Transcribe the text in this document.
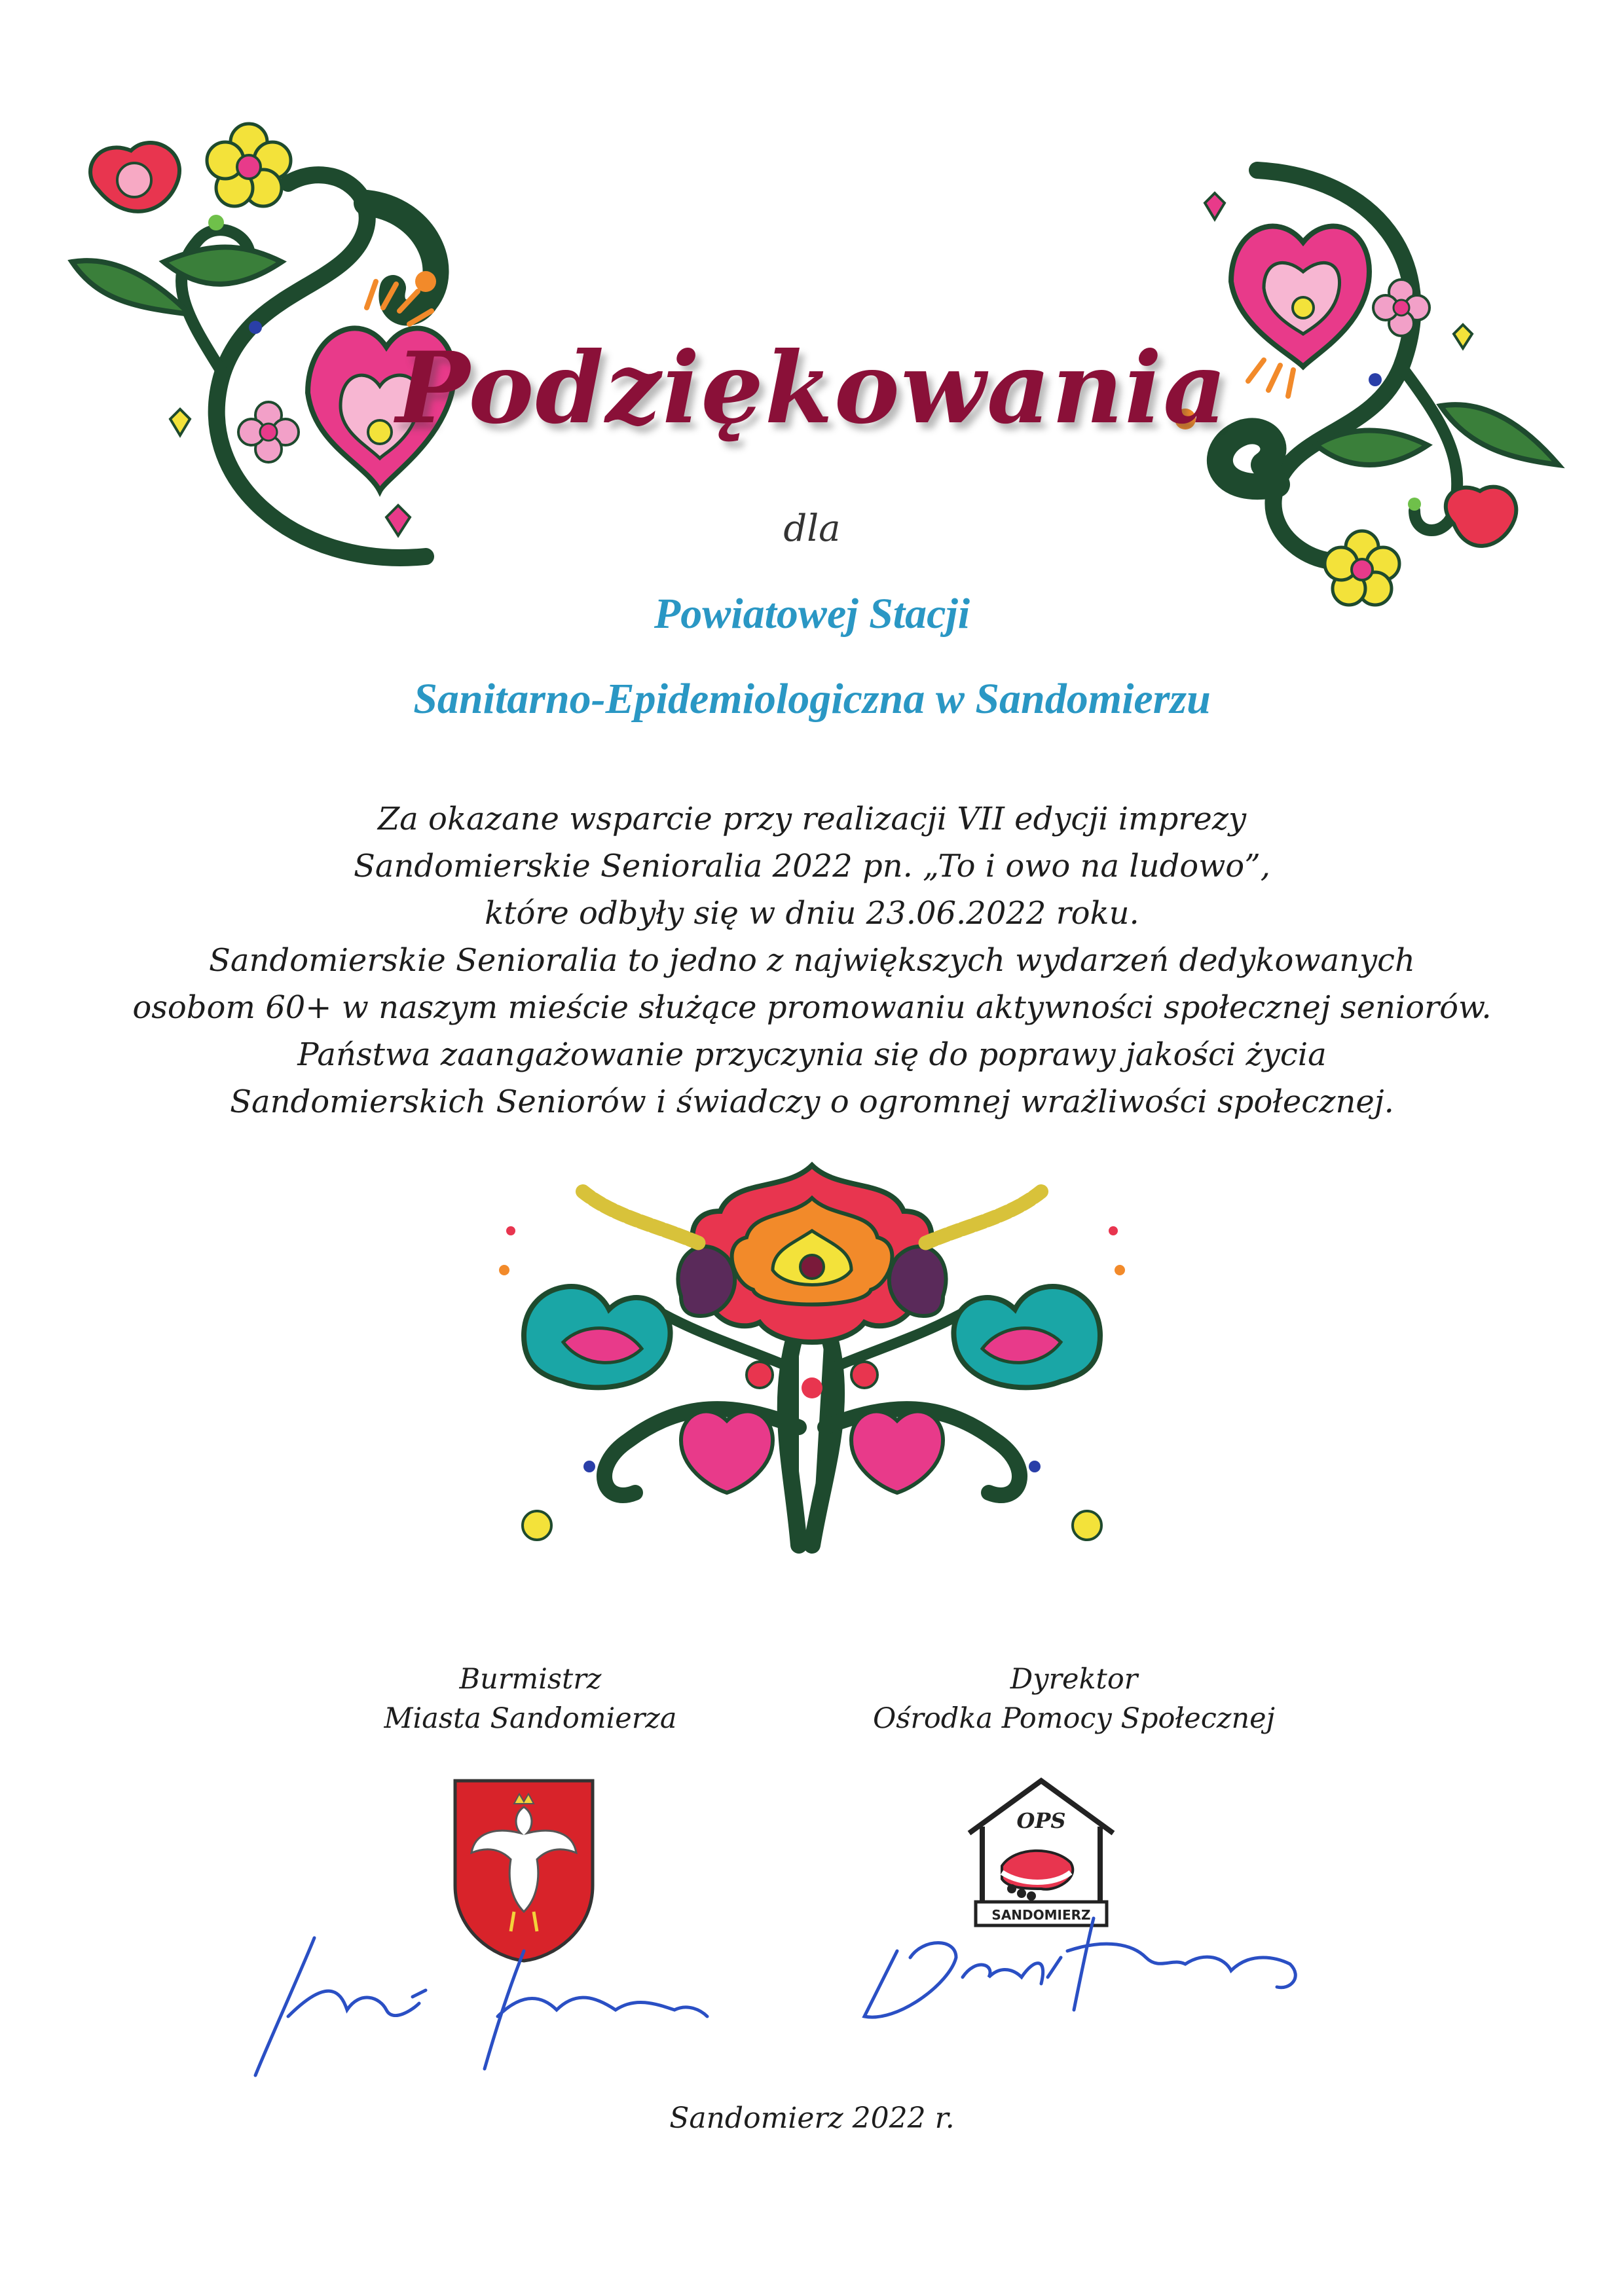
Podziękowania
dla
Powiatowej Stacji
Sanitarno-Epidemiologiczna w Sandomierzu
Za okazane wsparcie przy realizacji VII edycji imprezy
Sandomierskie Senioralia 2022 pn. „To i owo na ludowo”,
które odbyły się w dniu 23.06.2022 roku.
Sandomierskie Senioralia to jedno z największych wydarzeń dedykowanych
osobom 60+ w naszym mieście służące promowaniu aktywności społecznej seniorów.
Państwa zaangażowanie przyczynia się do poprawy jakości życia
Sandomierskich Seniorów i świadczy o ogromnej wrażliwości społecznej.
Burmistrz
Miasta Sandomierza
Dyrektor
Ośrodka Pomocy Społecznej
OPS
SANDOMIERZ
Sandomierz 2022 r.
